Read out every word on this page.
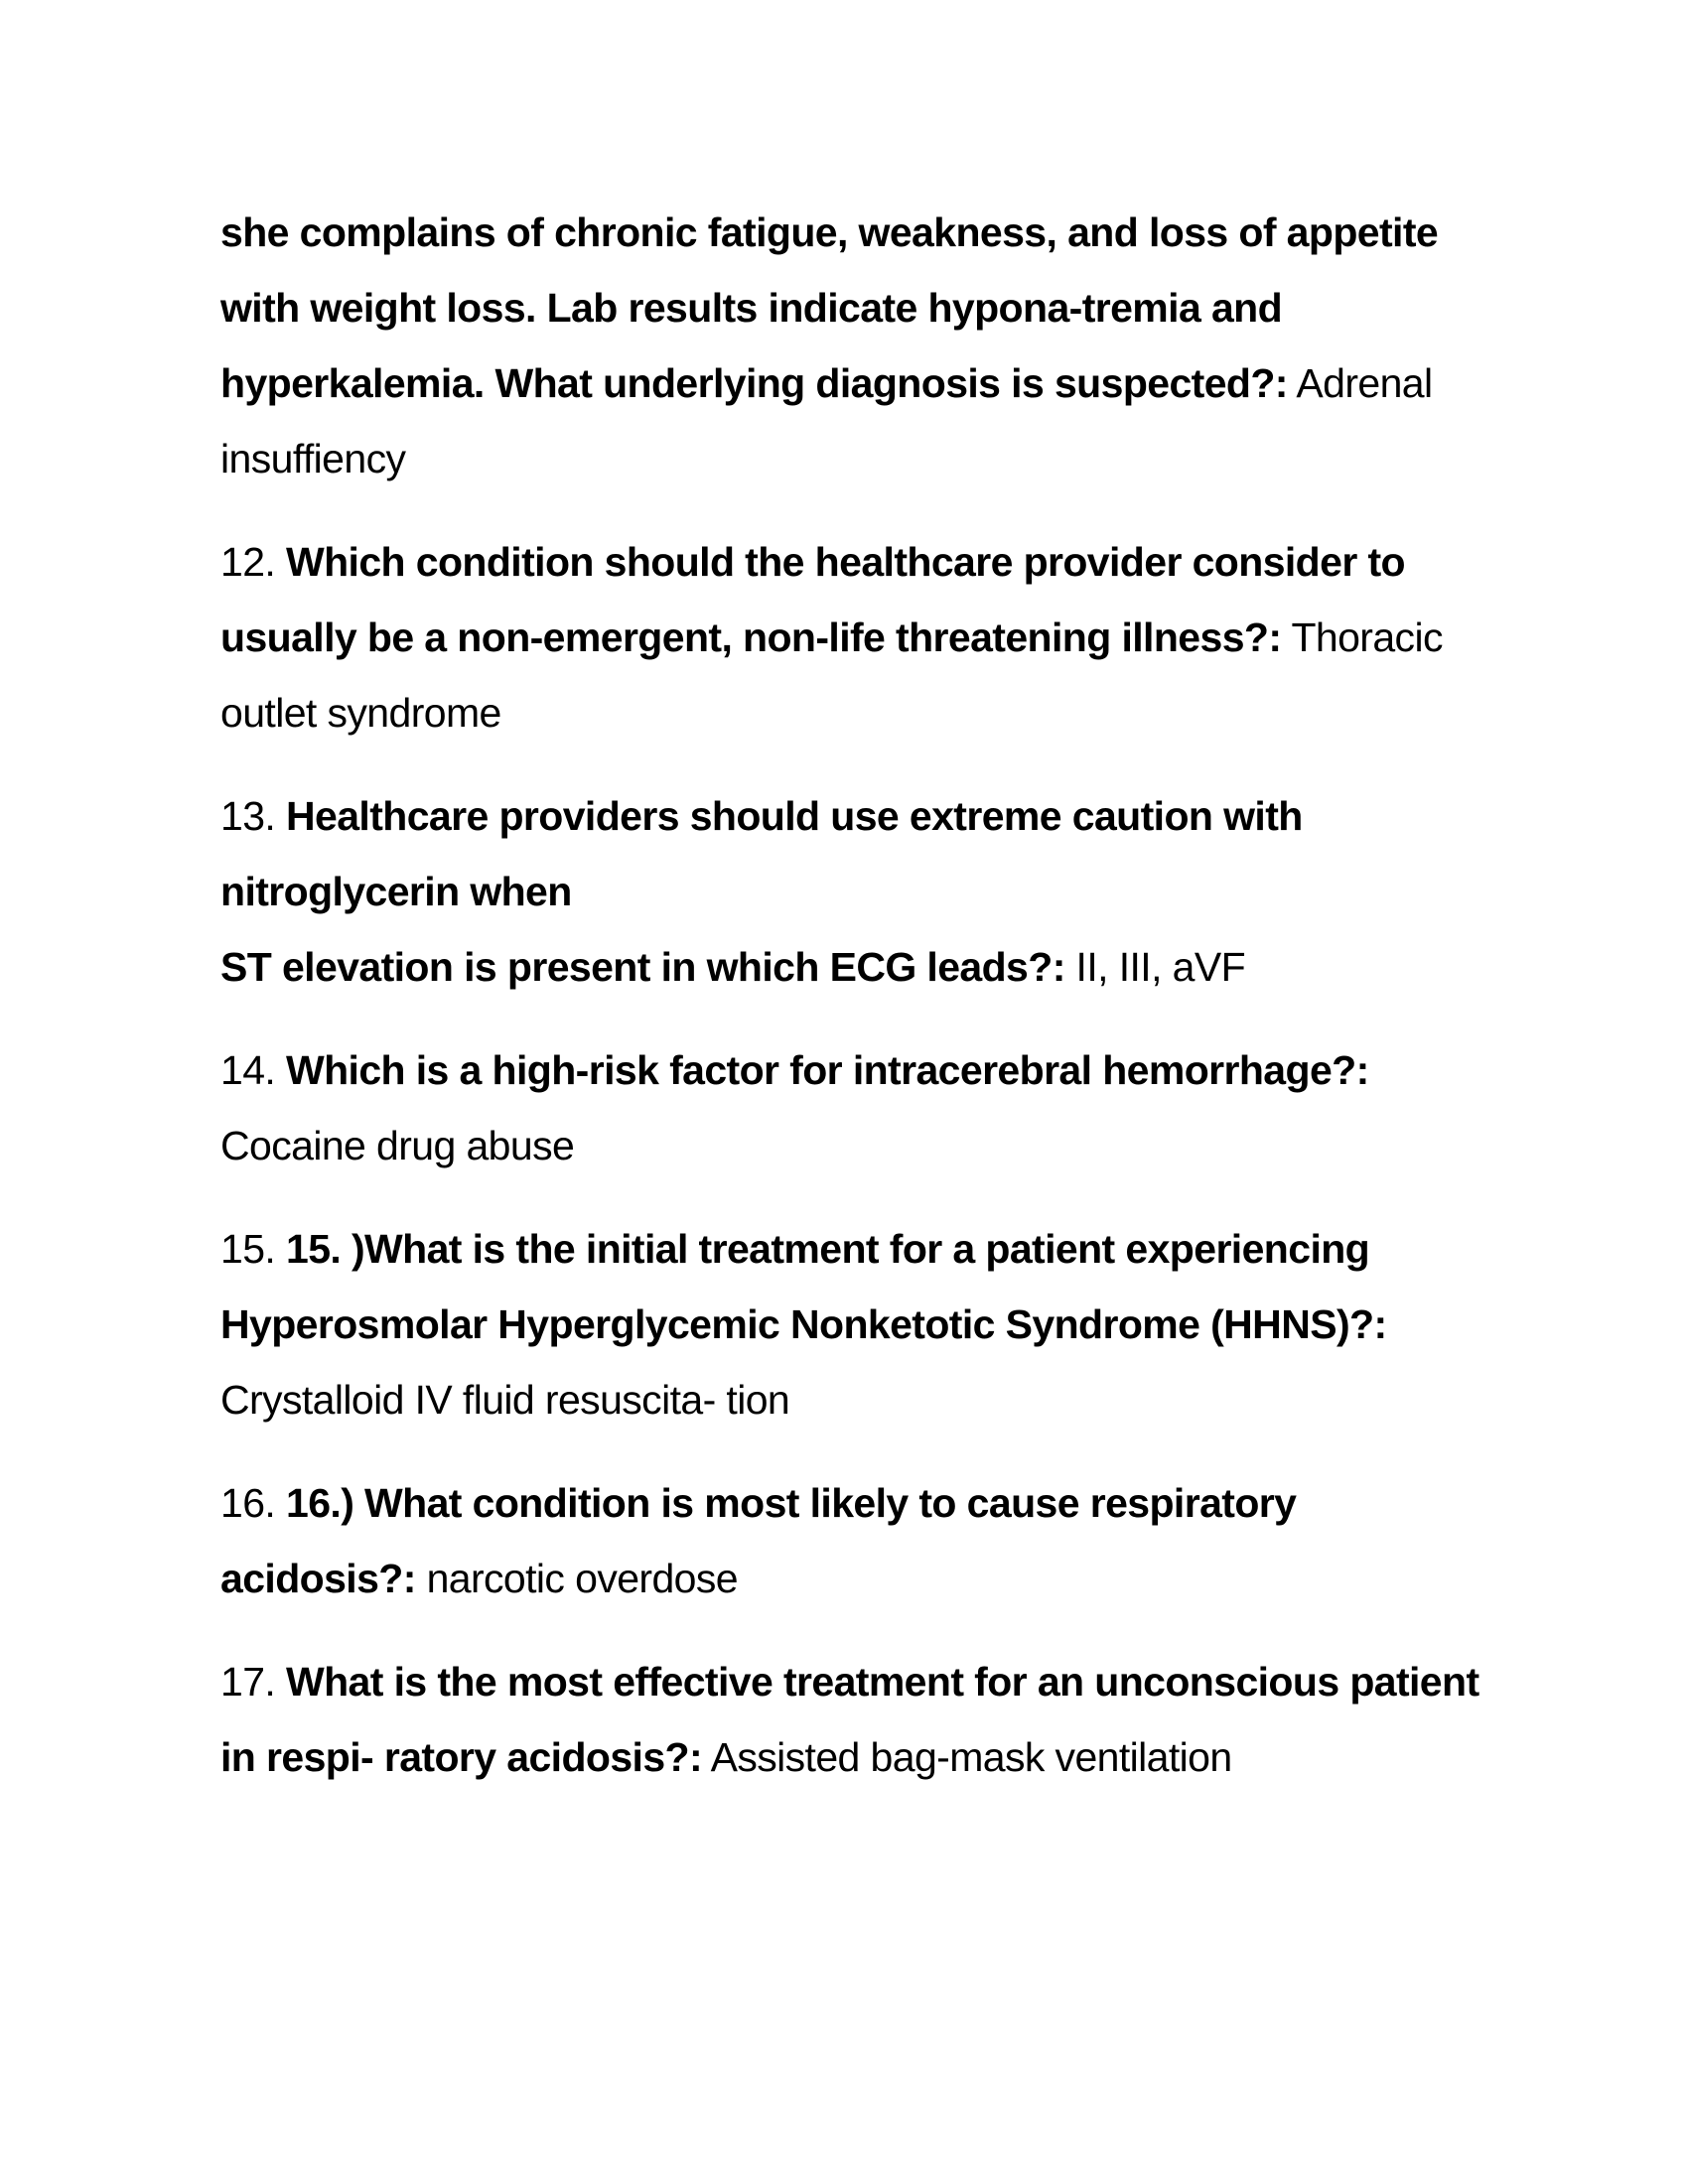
she complains of chronic fatigue, weakness, and loss of appetite with weight loss. Lab results indicate hypona-tremia and hyperkalemia. What underlying diagnosis is suspected?: Adrenal insuffiency
12. Which condition should the healthcare provider consider to usually be a non-emergent, non-life threatening illness?: Thoracic outlet syndrome
13. Healthcare providers should use extreme caution with nitroglycerin when
ST elevation is present in which ECG leads?: II, III, aVF
14. Which is a high-risk factor for intracerebral hemorrhage?: Cocaine drug abuse
15. 15. )What is the initial treatment for a patient experiencing Hyperosmolar Hyperglycemic Nonketotic Syndrome (HHNS)?: Crystalloid IV fluid resuscita- tion
16. 16.) What condition is most likely to cause respiratory acidosis?: narcotic overdose
17. What is the most effective treatment for an unconscious patient in respi- ratory acidosis?: Assisted bag-mask ventilation
